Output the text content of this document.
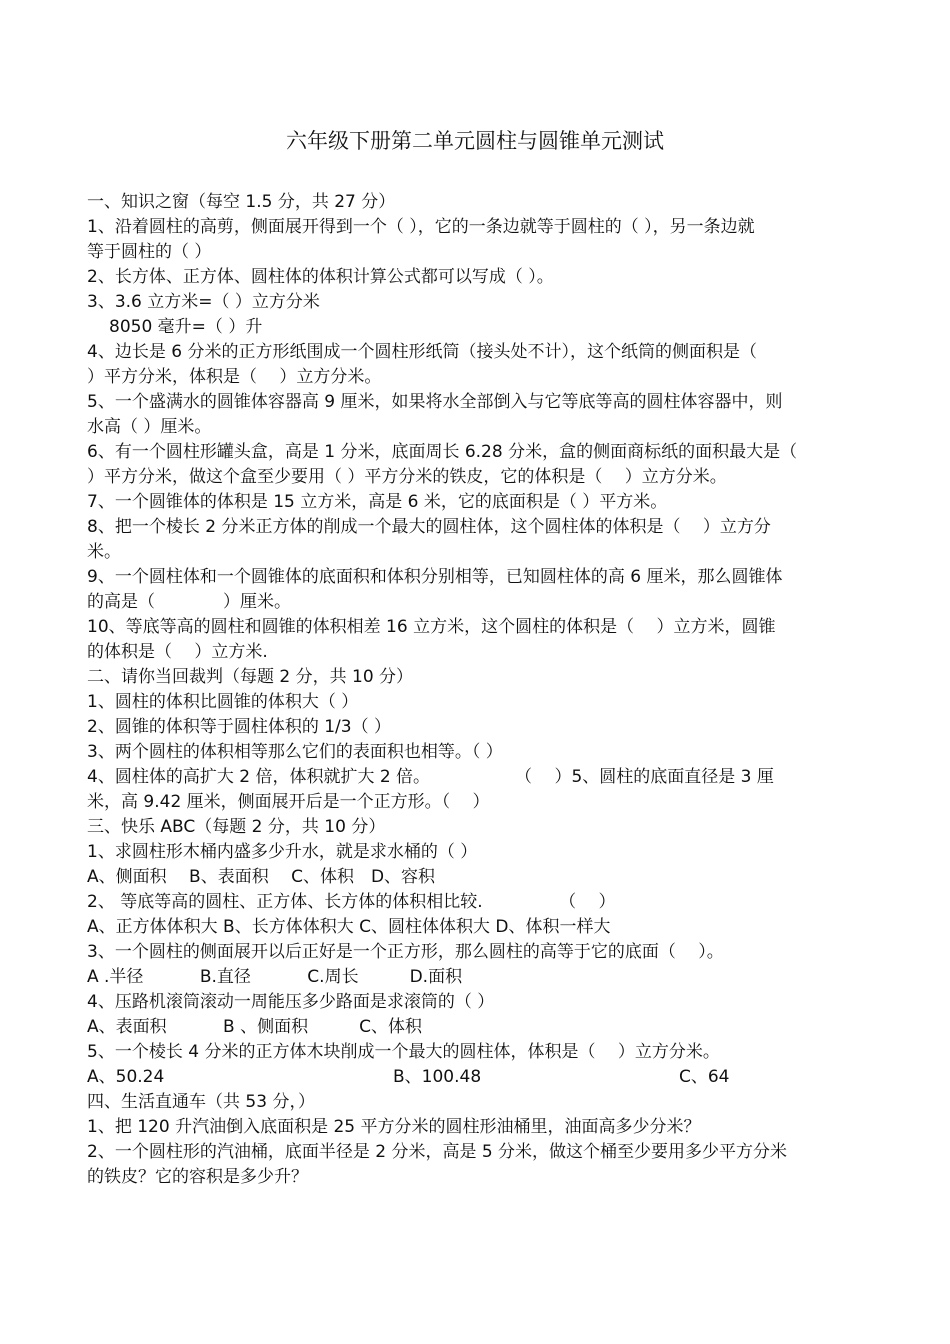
六年级下册第二单元圆柱与圆锥单元测试
一、知识之窗（每空 1.5 分，共 27 分）
1、沿着圆柱的高剪，侧面展开得到一个（ ），它的一条边就等于圆柱的（ ），另一条边就
等于圆柱的（ ）
2、长方体、正方体、圆柱体的体积计算公式都可以写成（ ）。
3、3.6 立方米=（ ）立方分米
8050 毫升=（ ）升
4、边长是 6 分米的正方形纸围成一个圆柱形纸筒（接头处不计），这个纸筒的侧面积是（
）平方分米，体积是（　 ）立方分米。
5、一个盛满水的圆锥体容器高 9 厘米，如果将水全部倒入与它等底等高的圆柱体容器中，则
水高（ ）厘米。
6、有一个圆柱形罐头盒，高是 1 分米，底面周长 6.28 分米，盒的侧面商标纸的面积最大是（
）平方分米，做这个盒至少要用（ ）平方分米的铁皮，它的体积是（　 ）立方分米。
7、一个圆锥体的体积是 15 立方米，高是 6 米，它的底面积是（ ）平方米。
8、把一个棱长 2 分米正方体的削成一个最大的圆柱体，这个圆柱体的体积是（　 ）立方分
米。
9、一个圆柱体和一个圆锥体的底面积和体积分别相等，已知圆柱体的高 6 厘米，那么圆锥体
的高是（　　　　）厘米。
10、等底等高的圆柱和圆锥的体积相差 16 立方米，这个圆柱的体积是（　 ）立方米，圆锥
的体积是（　 ）立方米.
二、请你当回裁判（每题 2 分，共 10 分）
1、圆柱的体积比圆锥的体积大（ ）
2、圆锥的体积等于圆柱体积的 1/3（ ）
3、两个圆柱的体积相等那么它们的表面积也相等。（ ）
4、圆柱体的高扩大 2 倍，体积就扩大 2 倍。　　　　　　（　 ）5、圆柱的底面直径是 3 厘
米，高 9.42 厘米，侧面展开后是一个正方形。（　 ）
三、快乐 ABC（每题 2 分，共 10 分）
1、求圆柱形木桶内盛多少升水，就是求水桶的（ ）
A、侧面积　 B、表面积　 C、体积　D、容积
2、 等底等高的圆柱、正方体、长方体的体积相比较.　　　　　（　 ）
A、正方体体积大 B、长方体体积大 C、圆柱体体积大 D、体积一样大
3、一个圆柱的侧面展开以后正好是一个正方形，那么圆柱的高等于它的底面（　 ）。
A .半径　　　 B.直径　　　 C.周长　　　D.面积
4、压路机滚筒滚动一周能压多少路面是求滚筒的（ ）
A、表面积　　　 B 、侧面积　　　C、体积
5、一个棱长 4 分米的正方体木块削成一个最大的圆柱体，体积是（　 ）立方分米。
A、50.24	B、100.48	C、64
四、生活直通车（共 53 分，）
1、把 120 升汽油倒入底面积是 25 平方分米的圆柱形油桶里，油面高多少分米？
2、一个圆柱形的汽油桶，底面半径是 2 分米，高是 5 分米，做这个桶至少要用多少平方分米
的铁皮？它的容积是多少升？
